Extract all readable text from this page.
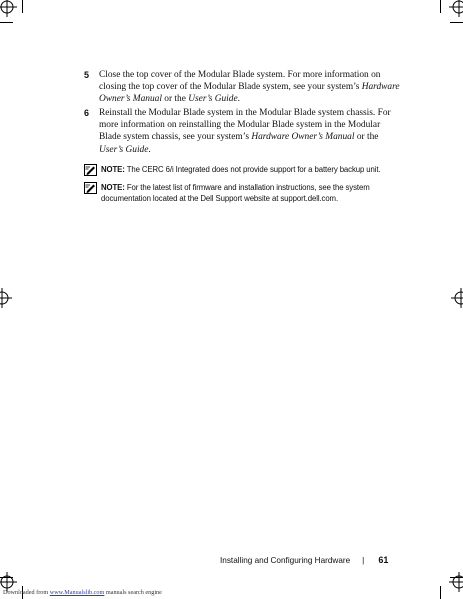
5 Close the top cover of the Modular Blade system. For more information on closing the top cover of the Modular Blade system, see your system’s Hardware Owner’s Manual or the User’s Guide.
6 Reinstall the Modular Blade system in the Modular Blade system chassis. For more information on reinstalling the Modular Blade system in the Modular Blade system chassis, see your system’s Hardware Owner’s Manual or the User’s Guide.
NOTE: The CERC 6/i Integrated does not provide support for a battery backup unit.
NOTE: For the latest list of firmware and installation instructions, see the system documentation located at the Dell Support website at support.dell.com.
Installing and Configuring Hardware | 61
Downloaded from www.Manualslib.com manuals search engine
